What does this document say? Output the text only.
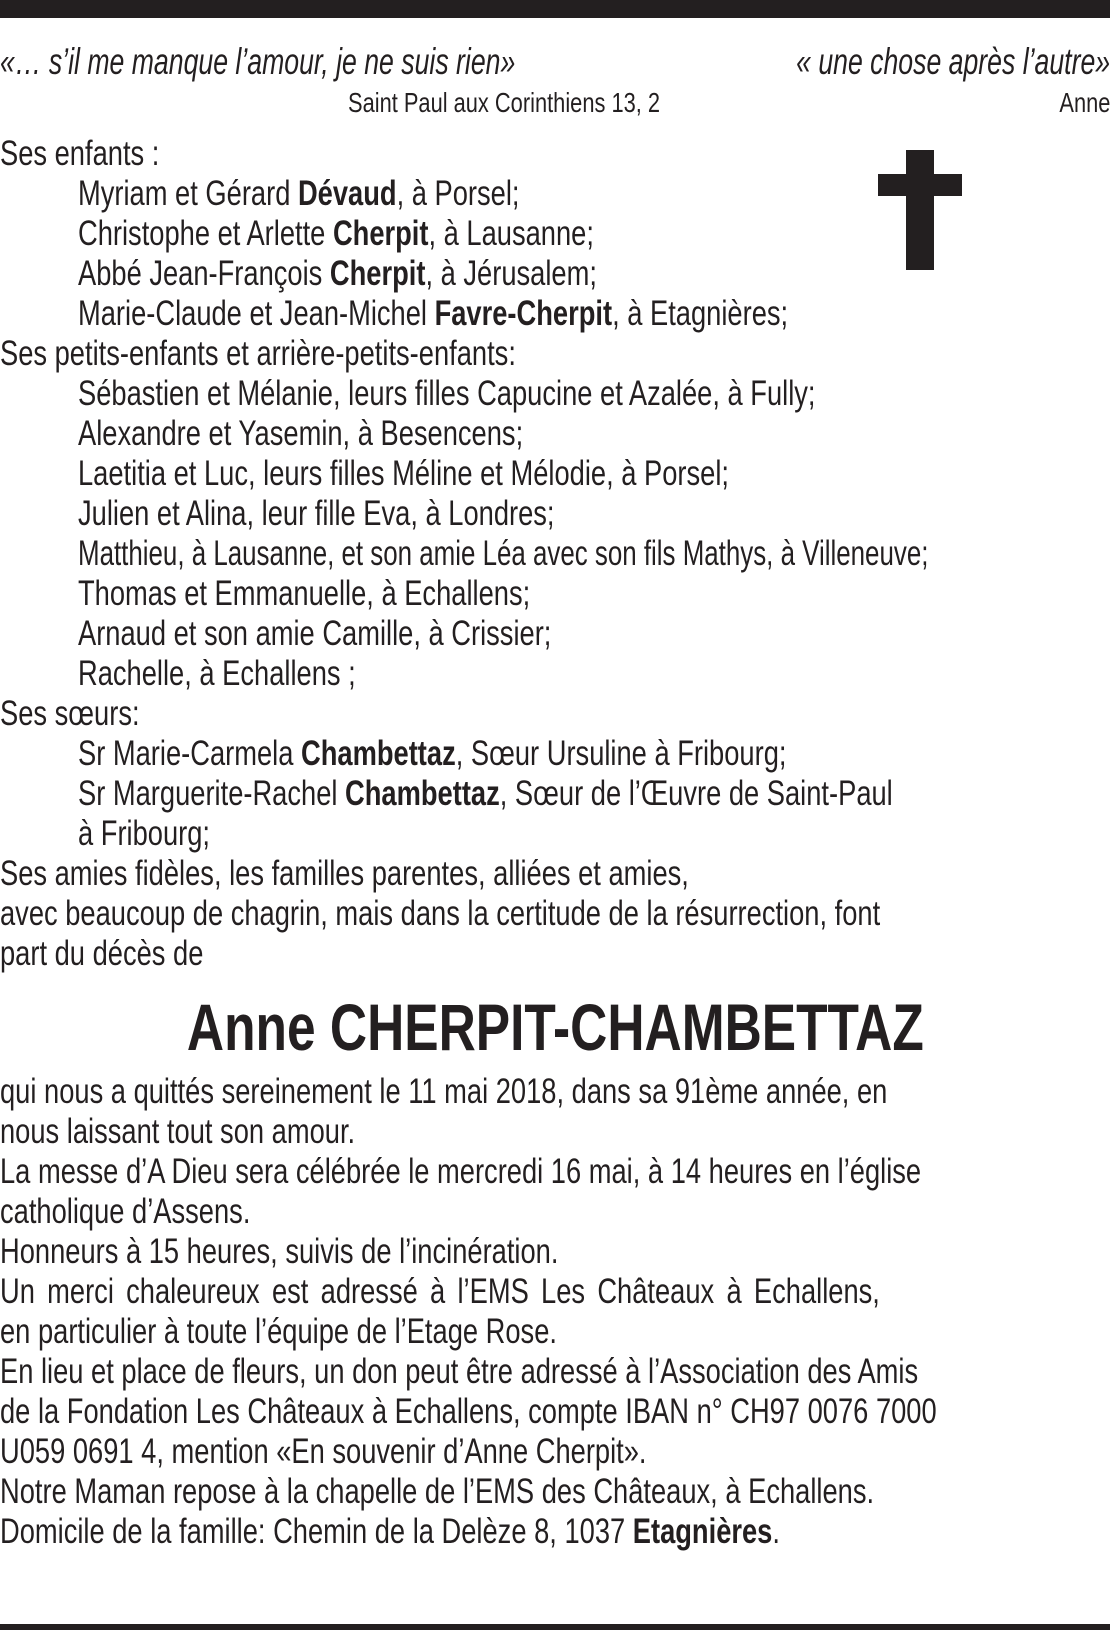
«… s’il me manque l’amour, je ne suis rien»
Saint Paul aux Corinthiens 13, 2
« une chose après l’autre»
Anne
Ses enfants :
Myriam et Gérard Dévaud, à Porsel;
Christophe et Arlette Cherpit, à Lausanne;
Abbé Jean-François Cherpit, à Jérusalem;
Marie-Claude et Jean-Michel Favre-Cherpit, à Etagnières;
Ses petits-enfants et arrière-petits-enfants:
Sébastien et Mélanie, leurs filles Capucine et Azalée, à Fully;
Alexandre et Yasemin, à Besencens;
Laetitia et Luc, leurs filles Méline et Mélodie, à Porsel;
Julien et Alina, leur fille Eva, à Londres;
Matthieu, à Lausanne, et son amie Léa avec son fils Mathys, à Villeneuve;
Thomas et Emmanuelle, à Echallens;
Arnaud et son amie Camille, à Crissier;
Rachelle, à Echallens ;
Ses sœurs:
Sr Marie-Carmela Chambettaz, Sœur Ursuline à Fribourg;
Sr Marguerite-Rachel Chambettaz, Sœur de l’Œuvre de Saint-Paul
à Fribourg;
Ses amies fidèles, les familles parentes, alliées et amies,
avec beaucoup de chagrin, mais dans la certitude de la résurrection, font
part du décès de
Anne CHERPIT-CHAMBETTAZ
qui nous a quittés sereinement le 11 mai 2018, dans sa 91ème année, en
nous laissant tout son amour.
La messe d’A Dieu sera célébrée le mercredi 16 mai, à 14 heures en l’église
catholique d’Assens.
Honneurs à 15 heures, suivis de l’incinération.
Un merci chaleureux est adressé à l’EMS Les Châteaux à Echallens,
en particulier à toute l’équipe de l’Etage Rose.
En lieu et place de fleurs, un don peut être adressé à l’Association des Amis
de la Fondation Les Châteaux à Echallens, compte IBAN n° CH97 0076 7000
U059 0691 4, mention «En souvenir d’Anne Cherpit».
Notre Maman repose à la chapelle de l’EMS des Châteaux, à Echallens.
Domicile de la famille: Chemin de la Delèze 8, 1037 Etagnières.
